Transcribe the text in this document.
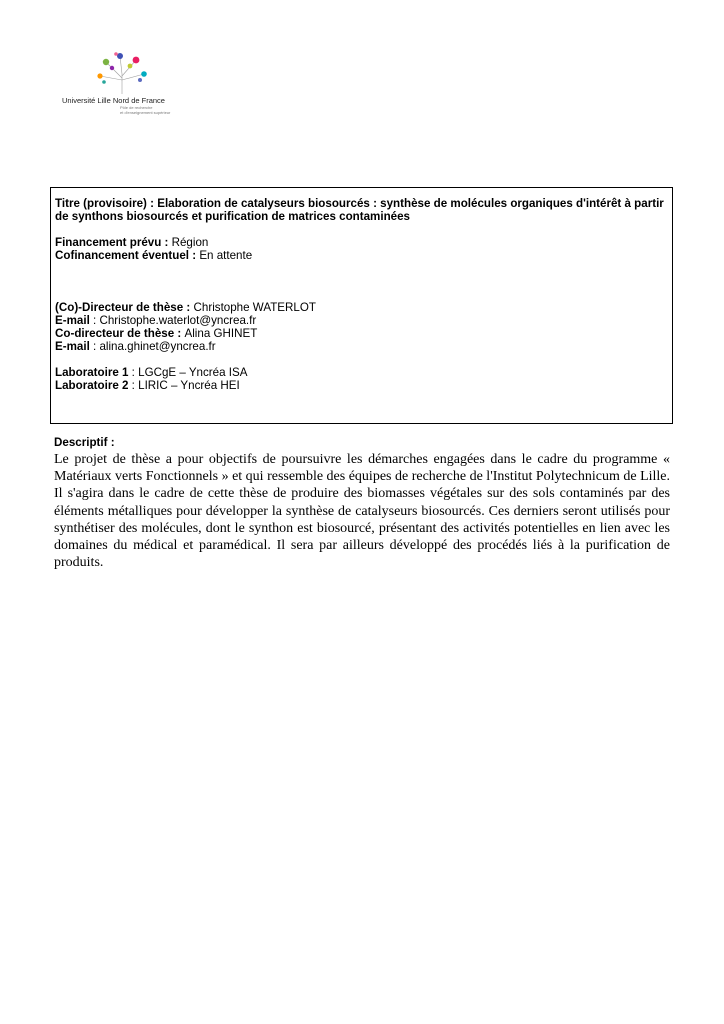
Université Lille Nord de France
Pôle de recherche
et d'enseignement supérieur
Titre (provisoire) : Elaboration de catalyseurs biosourcés : synthèse de molécules organiques d'intérêt à partir de synthons biosourcés et purification de matrices contaminées
Financement prévu : Région
Cofinancement éventuel : En attente
(Co)-Directeur de thèse : Christophe WATERLOT
E-mail : Christophe.waterlot@yncrea.fr
Co-directeur de thèse : Alina GHINET
E-mail : alina.ghinet@yncrea.fr
Laboratoire 1 : LGCgE – Yncréa ISA
Laboratoire 2 : LIRIC – Yncréa HEI
Descriptif :
Le projet de thèse a pour objectifs de poursuivre les démarches engagées dans le cadre du programme « Matériaux verts Fonctionnels » et qui ressemble des équipes de recherche de l'Institut Polytechnicum de Lille. Il s'agira dans le cadre de cette thèse de produire des biomasses végétales sur des sols contaminés par des éléments métalliques pour développer la synthèse de catalyseurs biosourcés. Ces derniers seront utilisés pour synthétiser des molécules, dont le synthon est biosourcé, présentant des activités potentielles en lien avec les domaines du médical et paramédical. Il sera par ailleurs développé des procédés liés à la purification de produits.
